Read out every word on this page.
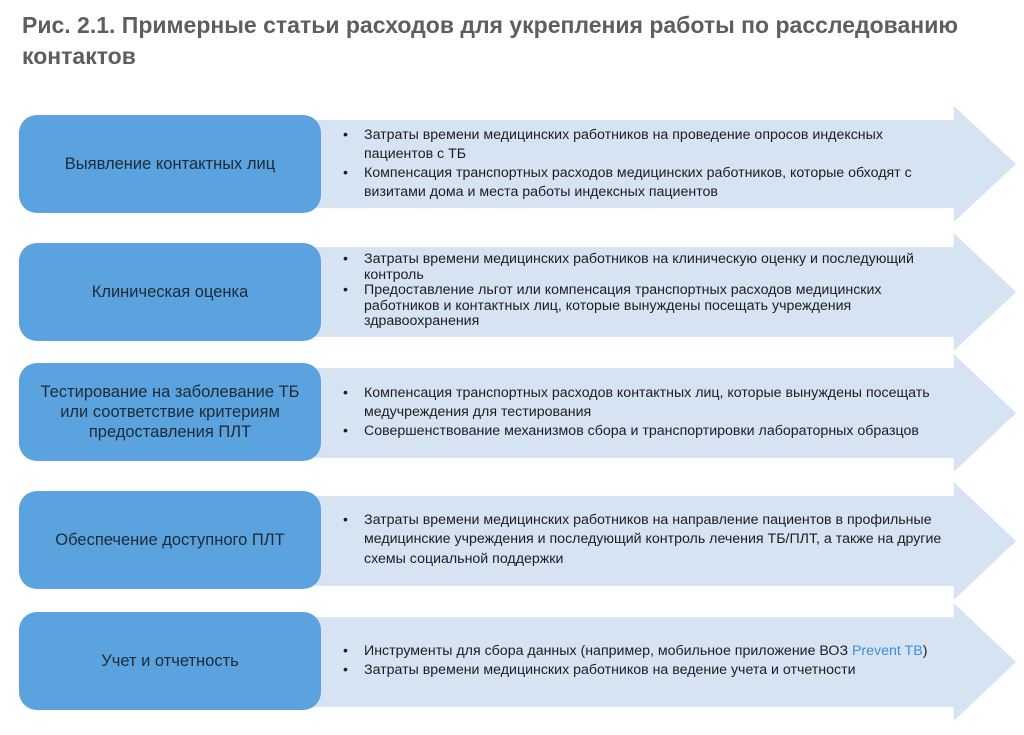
Рис. 2.1. Примерные статьи расходов для укрепления работы по расследованию контактов
Выявление контактных лиц
• Затраты времени медицинских работников на проведение опросов индексных пациентов с ТБ
• Компенсация транспортных расходов медицинских работников, которые обходят с визитами дома и места работы индексных пациентов
Клиническая оценка
• Затраты времени медицинских работников на клиническую оценку и последующий контроль
• Предоставление льгот или компенсация транспортных расходов медицинских работников и контактных лиц, которые вынуждены посещать учреждения здравоохранения
Тестирование на заболевание ТБ или соответствие критериям предоставления ПЛТ
• Компенсация транспортных расходов контактных лиц, которые вынуждены посещать медучреждения для тестирования
• Совершенствование механизмов сбора и транспортировки лабораторных образцов
Обеспечение доступного ПЛТ
• Затраты времени медицинских работников на направление пациентов в профильные медицинские учреждения и последующий контроль лечения ТБ/ПЛТ, а также на другие схемы социальной поддержки
Учет и отчетность
• Инструменты для сбора данных (например, мобильное приложение ВОЗ Prevent TB)
• Затраты времени медицинских работников на ведение учета и отчетности
